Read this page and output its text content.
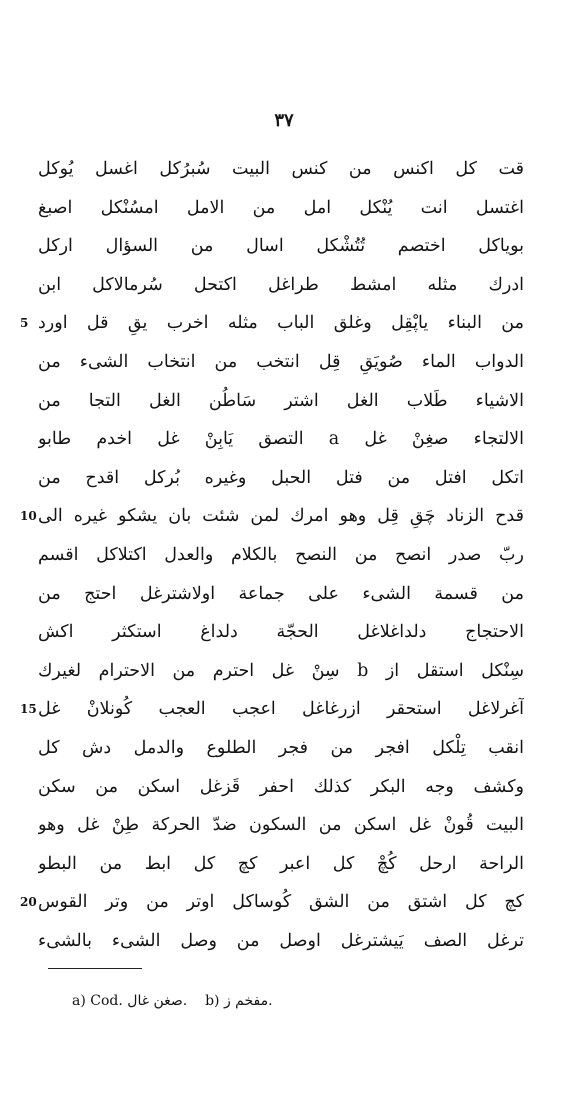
۳۷
قت کل اکنس من کنس البیت سُبرُکل اغسل یُوکل
اغتسل انت یُنْکل امل من الامل امسُنْکل اصبغ
بویاکل اختصم تُتُشْکل اسال من السؤال ارکل
ادرك مثله امشط طراغل اکتحل سُرمالاکل ابن
من البناء یاپْقِل وغلق الباب مثله اخرب يقِ قل اورد
الدواب الماء صُويَقِ قِل انتخب من انتخاب الشیء من
الاشیاء طَلاب الغل اشتر سَاطُن الغل التجا من
الالتجاء صغِنْ غل a التصق يَابِنْ غل اخدم طابو
اتکل افتل من فتل الحبل وغیره بُرکل اقدح من
قدح الزناد چَقِ قِل وهو امرك لمن شئت بان یشکو غیره الی
ربّ صدر انصح من النصح بالکلام والعدل اکتلاکل اقسم
من قسمة الشیء علی جماعة اولاشترغل احتج من
الاحتجاج دلداغلاغل الحجّة دلداغ استکثر اکش
سِنْکل استقل از b سِنْ غل احترم من الاحترام لغیرك
آغرلاغل استحقر ازرغاغل اعجب العجب کُونلانْ غل
انقب تِلْکل افجر من فجر الطلوع والدمل دش کل
وکشف وجه البکر کذلك احفر قَزغل اسکن من سکن
البیت قُونْ غل اسکن من السکون ضدّ الحرکة طِنْ غل وهو
الراحة ارحل کُچْ کل اعبر کچ کل ابط من البطو
کچ کل اشتق من الشق کُوساکل اوتر من وتر القوس
ترغل الصف يَيشترغل اوصل من وصل الشیء بالشیء
a) Cod. صغن غال. b) مفخم ز.
5
10
15
20
